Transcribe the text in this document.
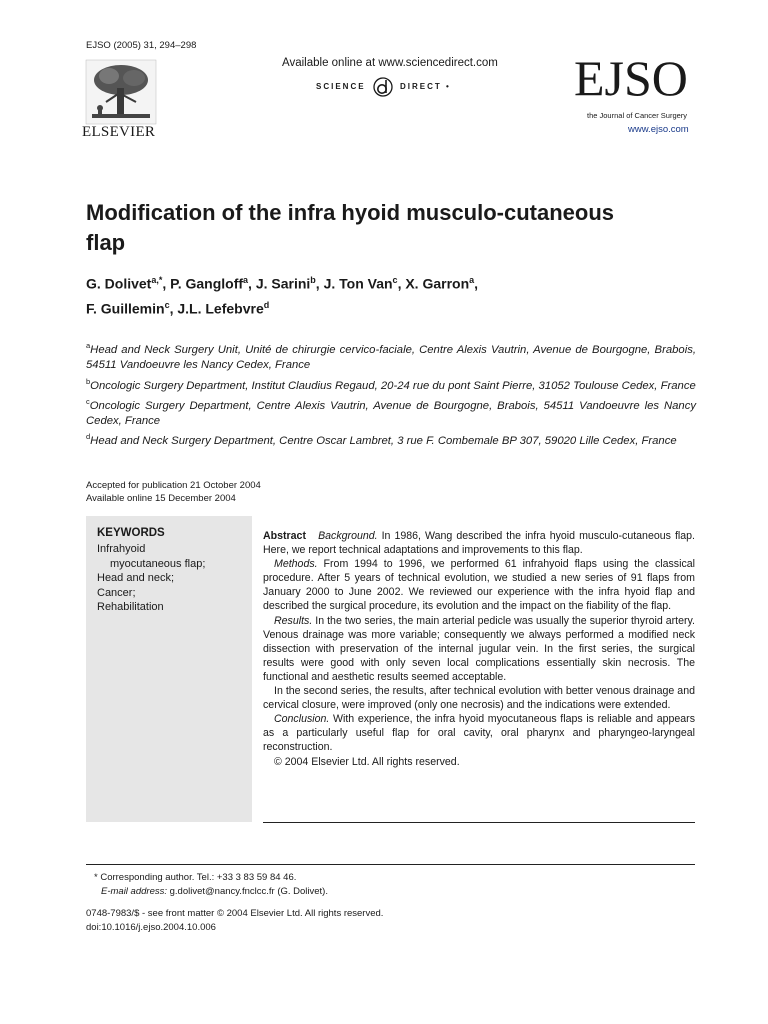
EJSO (2005) 31, 294–298
ELSEVIER
Available online at www.sciencedirect.com
SCIENCE	DIRECT • EJSO
the Journal of Cancer Surgery
www.ejso.com
Modification of the infra hyoid musculo-cutaneous
flap
G. Dolivet$^{a,*}$, P. Gangloff$^a$, J. Sarini$^b$, J. Ton Van$^c$, X. Garron$^a$,
F. Guillemin$^c$, J.L. Lefebvre$^d$
$^a$Head and Neck Surgery Unit, Unité de chirurgie cervico-faciale, Centre Alexis Vautrin, Avenue de Bourgogne, Brabois, 54511 Vandoeuvre les Nancy Cedex, France
$^b$Oncologic Surgery Department, Institut Claudius Regaud, 20-24 rue du pont Saint Pierre, 31052 Toulouse Cedex, France
$^c$Oncologic Surgery Department, Centre Alexis Vautrin, Avenue de Bourgogne, Brabois, 54511 Vandoeuvre les Nancy Cedex, France
$^d$Head and Neck Surgery Department, Centre Oscar Lambret, 3 rue F. Combemale BP 307, 59020 Lille Cedex, France
Accepted for publication 21 October 2004
Available online 15 December 2004
KEYWORDS
Infrahyoid
myocutaneous flap;
Head and neck;
Cancer;
Rehabilitation

Abstract Background. In 1986, Wang described the infra hyoid musculo-cutaneous flap. Here, we report technical adaptations and improvements to this flap.

Methods. From 1994 to 1996, we performed 61 infrahyoid flaps using the classical procedure. After 5 years of technical evolution, we studied a new series of 91 flaps from January 2000 to June 2002. We reviewed our experience with the infra hyoid flap and described the surgical procedure, its evolution and the impact on the fiability of the flap.

Results. In the two series, the main arterial pedicle was usually the superior thyroid artery. Venous drainage was more variable; consequently we always performed a modified neck dissection with preservation of the internal jugular vein. In the first series, the surgical results were good with only seven local complications essentially skin necrosis. The functional and aesthetic results seemed acceptable.

In the second series, the results, after technical evolution with better venous drainage and cervical closure, were improved (only one necrosis) and the indications were extended.

Conclusion. With experience, the infra hyoid myocutaneous flaps is reliable and appears as a particularly useful flap for oral cavity, oral pharynx and pharyngeo-laryngeal reconstruction.

© 2004 Elsevier Ltd. All rights reserved.

* Corresponding author. Tel.: +33 3 83 59 84 46.
E-mail address: g.dolivet@nancy.fnclcc.fr (G. Dolivet).
0748-7983/$ - see front matter © 2004 Elsevier Ltd. All rights reserved.
doi:10.1016/j.ejso.2004.10.006
